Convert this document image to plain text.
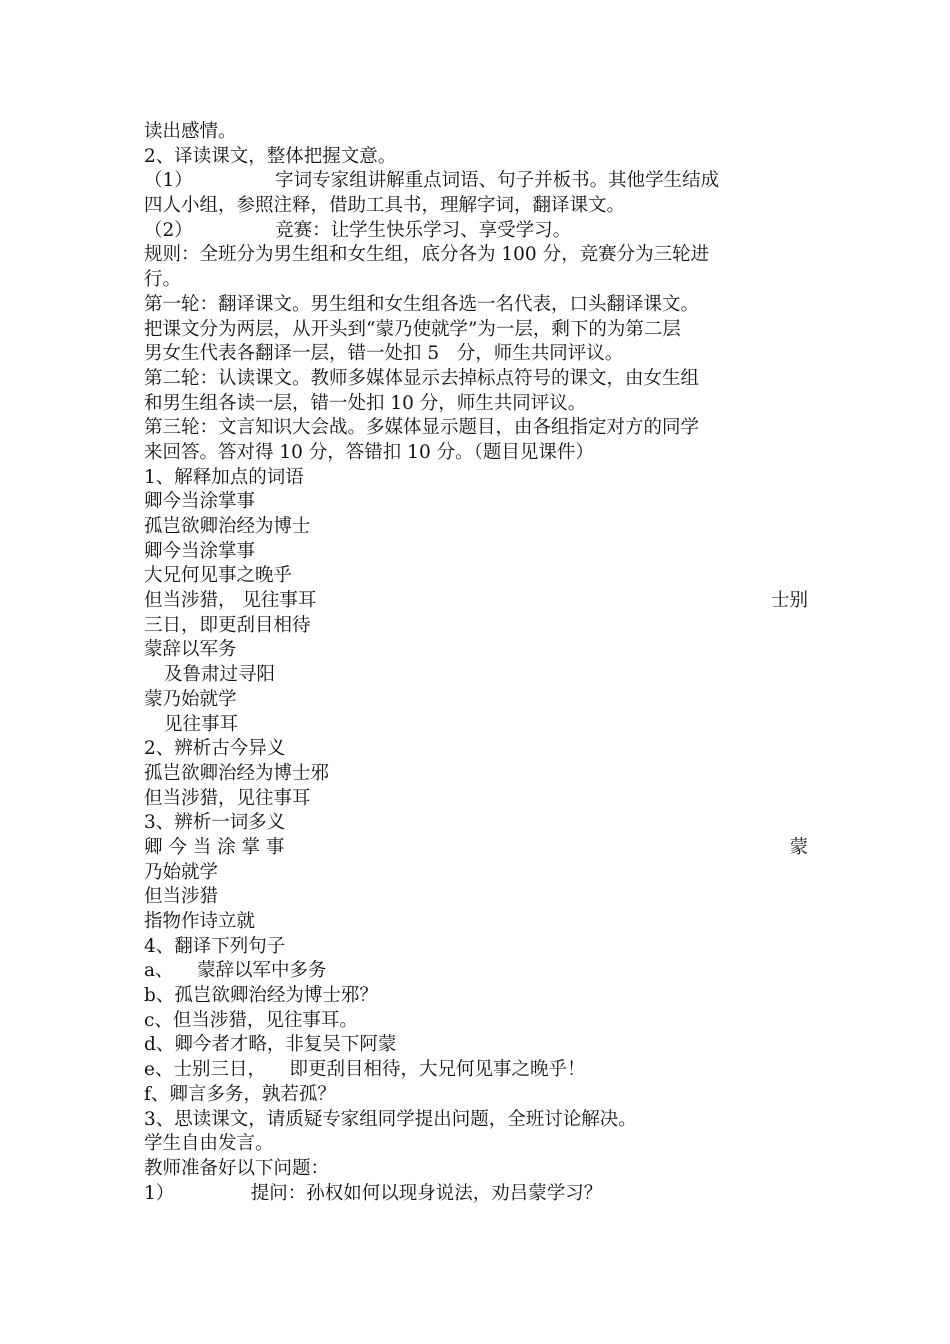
读出感情。
2、译读课文，整体把握文意。
（1）              字词专家组讲解重点词语、句子并板书。其他学生结成
四人小组，参照注释，借助工具书，理解字词，翻译课文。
（2）              竞赛：让学生快乐学习、享受学习。
规则：全班分为男生组和女生组，底分各为 100 分，竞赛分为三轮进
行。
第一轮：翻译课文。男生组和女生组各选一名代表，口头翻译课文。
把课文分为两层，从开头到“蒙乃使就学”为一层，剩下的为第二层
男女生代表各翻译一层，错一处扣 5   分，师生共同评议。
第二轮：认读课文。教师多媒体显示去掉标点符号的课文，由女生组
和男生组各读一层，错一处扣 10 分，师生共同评议。
第三轮：文言知识大会战。多媒体显示题目，由各组指定对方的同学
来回答。答对得 10 分，答错扣 10 分。（题目见课件）
1、解释加点的词语
卿今当涂掌事
孤岂欲卿治经为博士
卿今当涂掌事
大兄何见事之晚乎
但当涉猎， 见往事耳	士别
三日，即更刮目相待
蒙辞以军务
及鲁肃过寻阳
蒙乃始就学
见往事耳
2、辨析古今异义
孤岂欲卿治经为博士邪
但当涉猎，见往事耳
3、辨析一词多义
卿 今 当 涂 掌 事	蒙
乃始就学
但当涉猎
指物作诗立就
4、翻译下列句子
a、    蒙辞以军中多务
b、孤岂欲卿治经为博士邪？
c、但当涉猎，见往事耳。
d、卿今者才略，非复吴下阿蒙
e、士别三日，    即更刮目相待，大兄何见事之晚乎！
f、卿言多务，孰若孤？
3、思读课文，请质疑专家组同学提出问题，全班讨论解决。
学生自由发言。
教师准备好以下问题：
1）             提问：孙权如何以现身说法，劝吕蒙学习？
